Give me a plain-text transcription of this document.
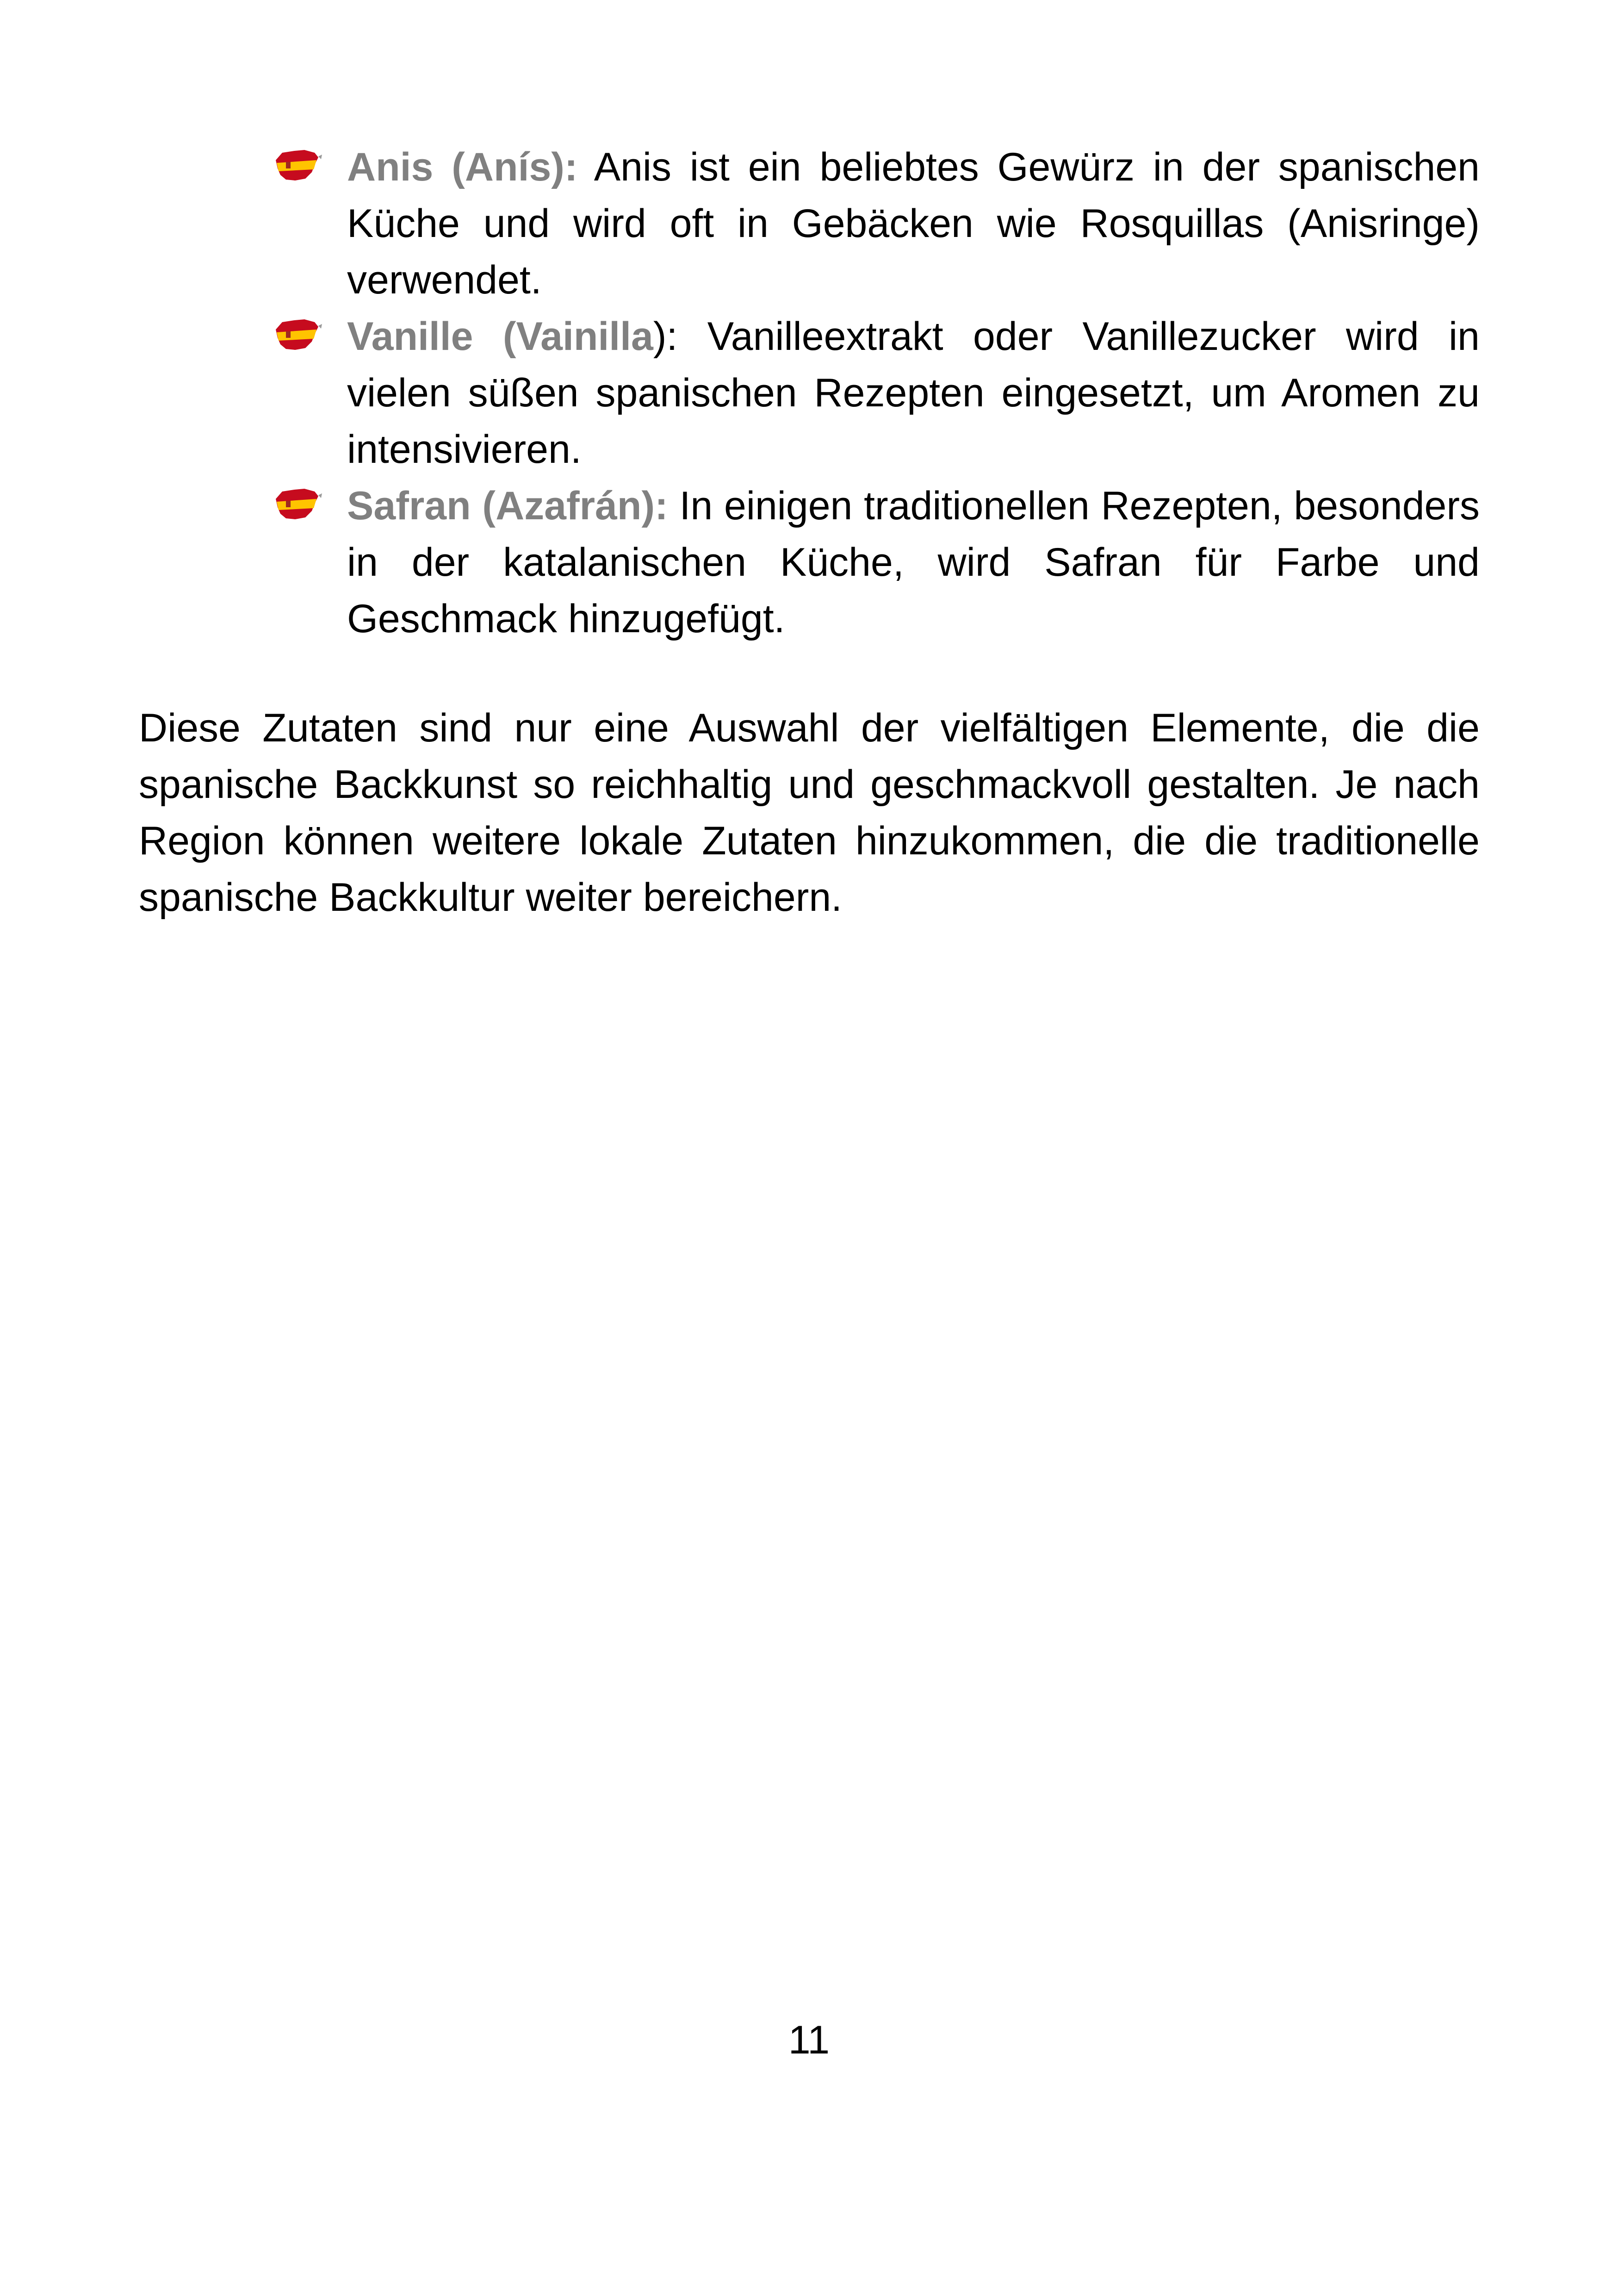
Anis (Anís): Anis ist ein beliebtes Gewürz in der spanischen Küche und wird oft in Gebäcken wie Rosquillas (Anisringe) verwendet.
Vanille (Vainilla): Vanilleextrakt oder Vanillezucker wird in vielen süßen spanischen Rezepten eingesetzt, um Aromen zu intensivieren.
Safran (Azafrán): In einigen traditionellen Rezepten, besonders in der katalanischen Küche, wird Safran für Farbe und Geschmack hinzugefügt.

Diese Zutaten sind nur eine Auswahl der vielfältigen Elemente, die die spanische Backkunst so reichhaltig und geschmackvoll gestalten. Je nach Region können weitere lokale Zutaten hinzukommen, die die traditionelle spanische Backkultur weiter bereichern.

11
